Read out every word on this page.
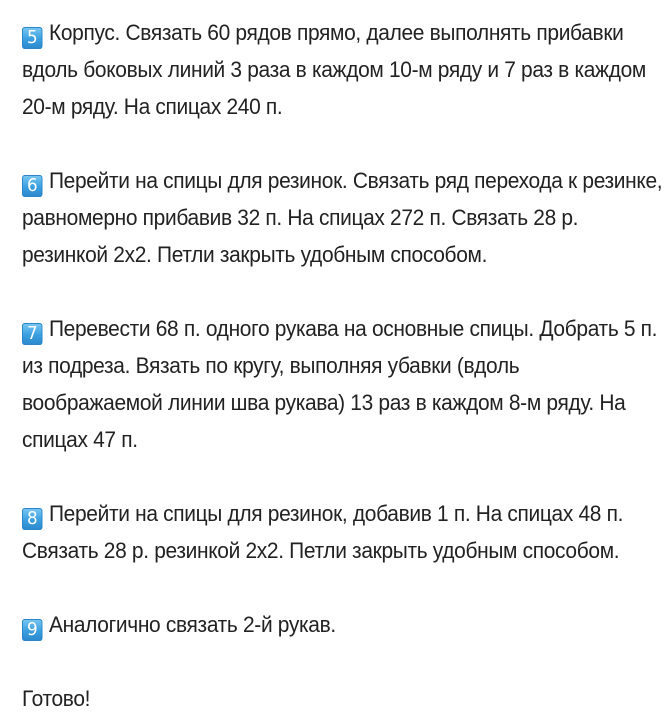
5 Корпус. Связать 60 рядов прямо, далее выполнять прибавки вдоль боковых линий 3 раза в каждом 10-м ряду и 7 раз в каждом 20-м ряду. На спицах 240 п.

6 Перейти на спицы для резинок. Связать ряд перехода к резинке, равномерно прибавив 32 п. На спицах 272 п. Связать 28 р. резинкой 2х2. Петли закрыть удобным способом.

7 Перевести 68 п. одного рукава на основные спицы. Добрать 5 п. из подреза. Вязать по кругу, выполняя убавки (вдоль воображаемой линии шва рукава) 13 раз в каждом 8-м ряду. На спицах 47 п.

8 Перейти на спицы для резинок, добавив 1 п. На спицах 48 п. Связать 28 р. резинкой 2х2. Петли закрыть удобным способом.

9 Аналогично связать 2-й рукав.

Готово!
